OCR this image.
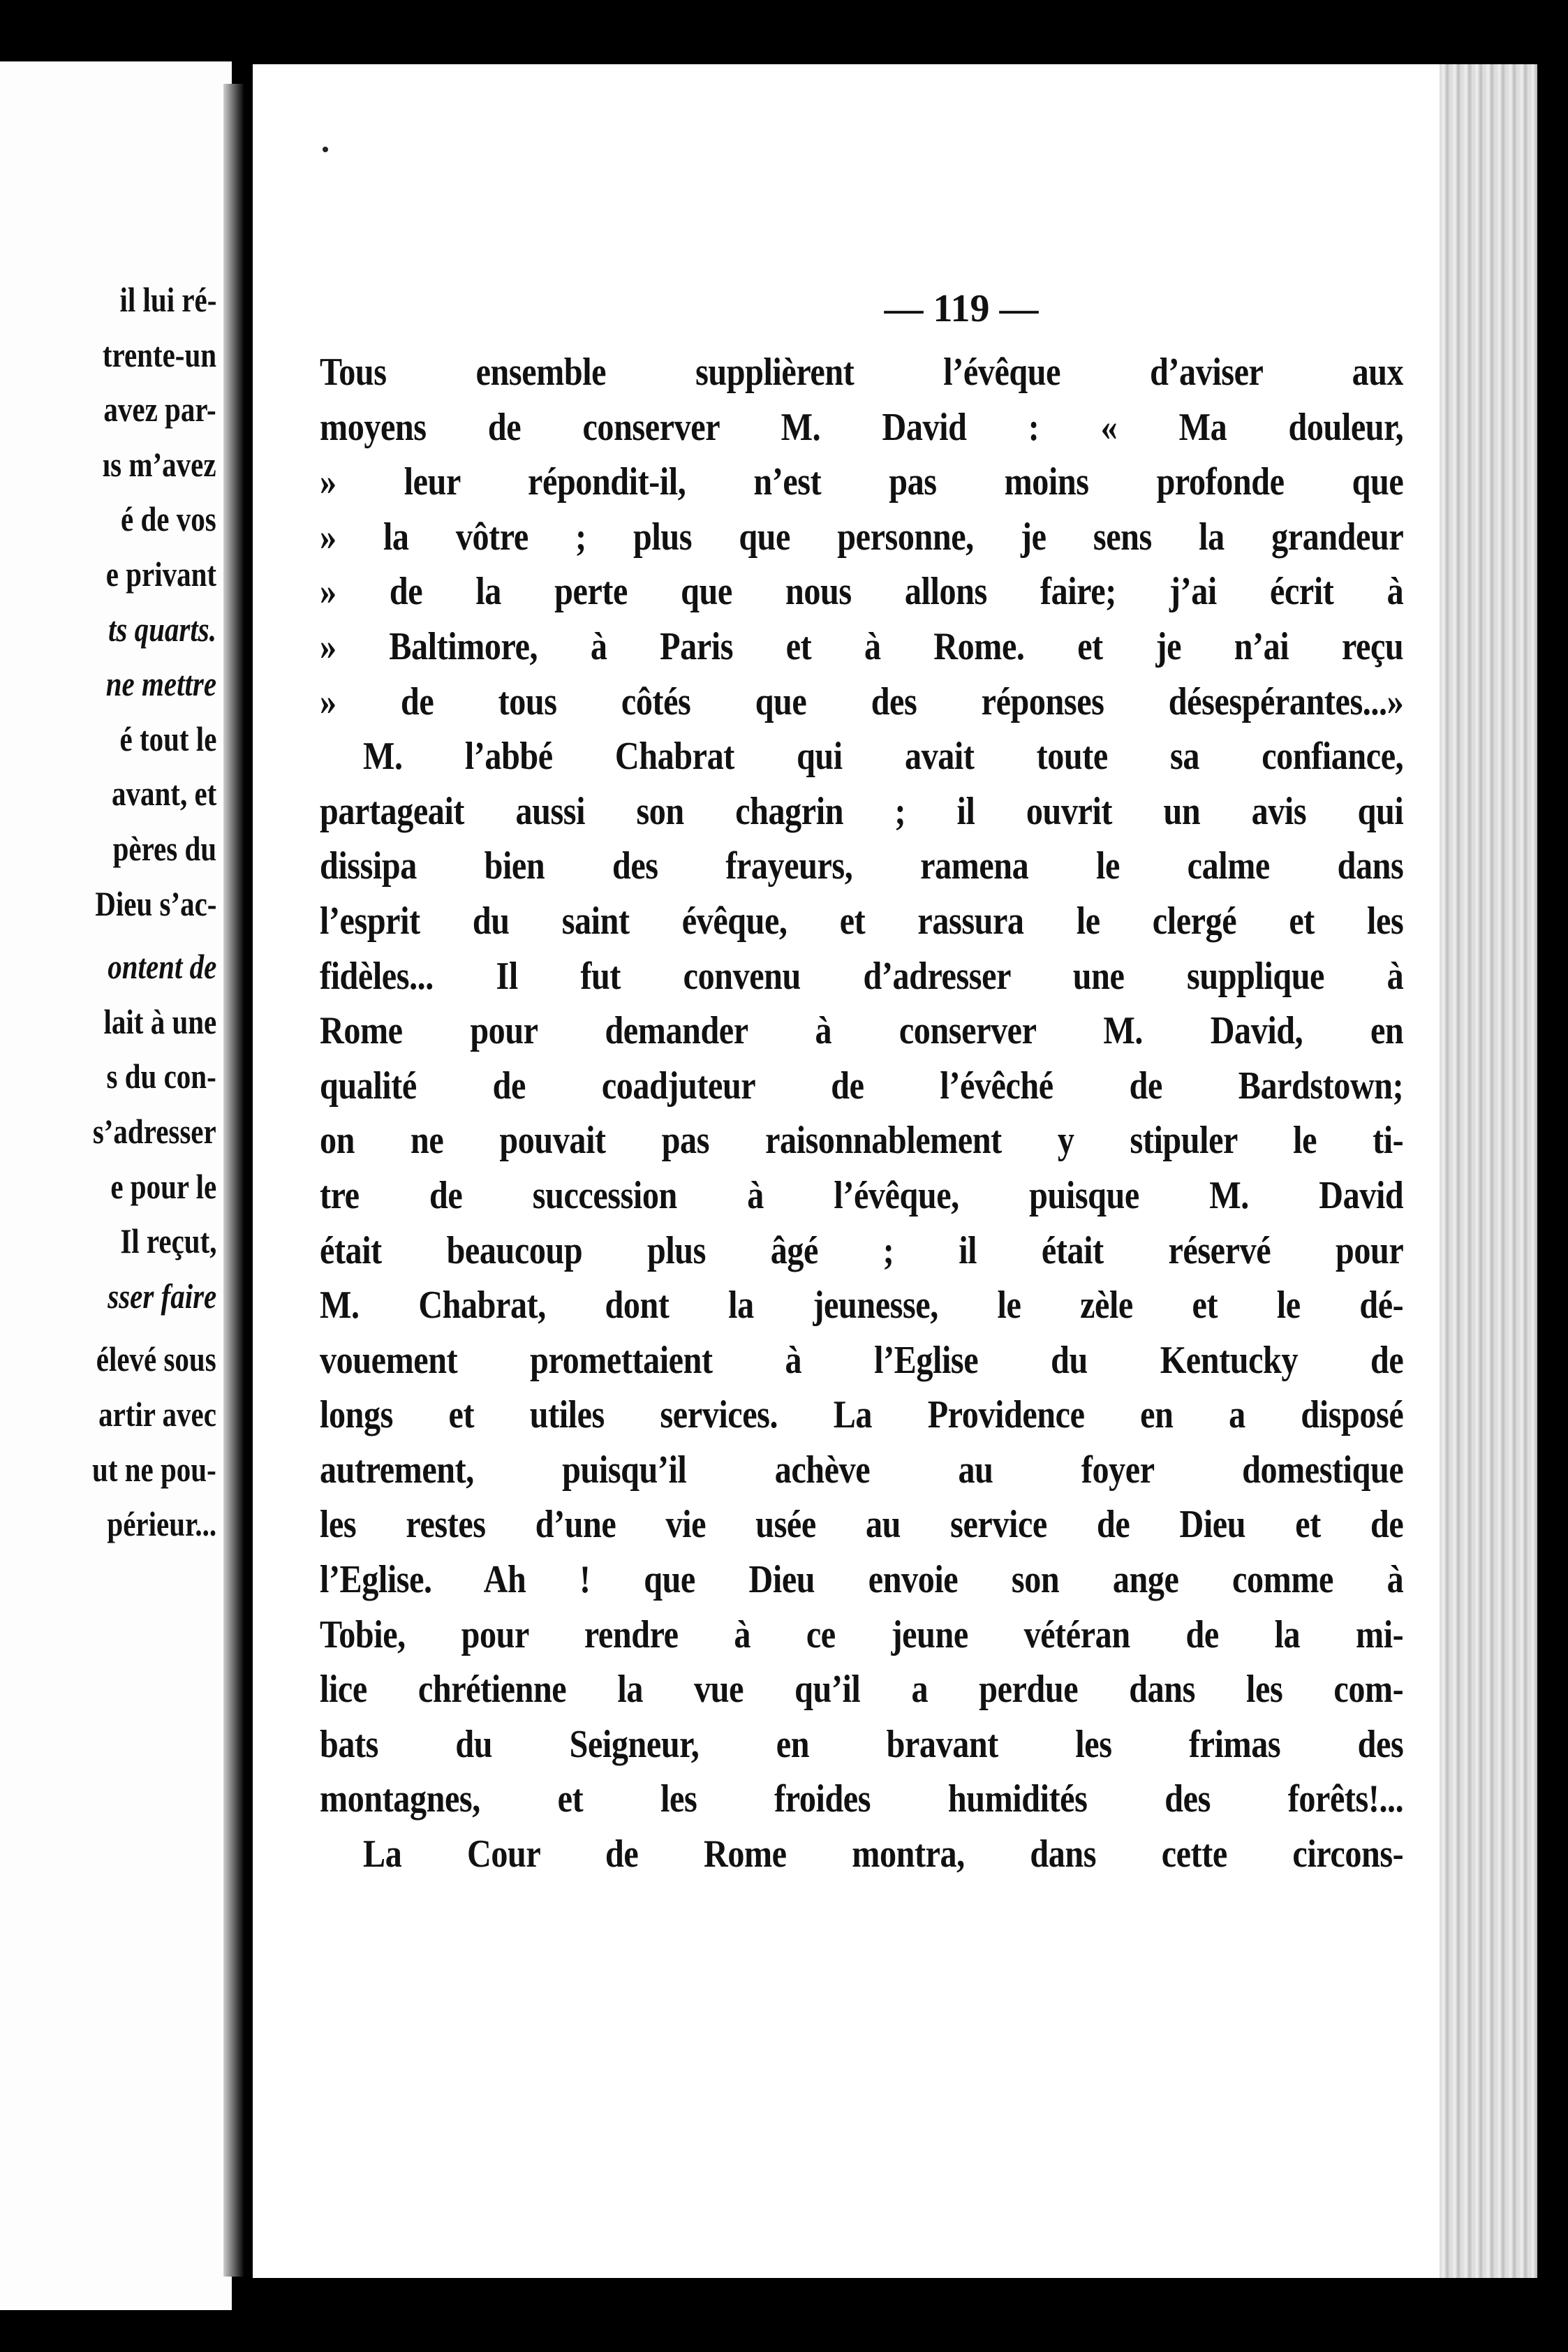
il lui ré-
trente-un
avez par-
ıs m’avez
é de vos
e privant
ts quarts.
ne mettre
é tout le
avant, et
pères du
Dieu s’ac-
ontent de
lait à une
s du con-
s’adresser
e pour le
Il reçut,
sser faire
élevé sous
artir avec
ut ne pou-
périeur...
— 119 —
Tous ensemble supplièrent l’évêque d’aviser aux
moyens de conserver M. David : « Ma douleur,
» leur répondit-il, n’est pas moins profonde que
» la vôtre ; plus que personne, je sens la grandeur
» de la perte que nous allons faire; j’ai écrit à
» Baltimore, à Paris et à Rome. et je n’ai reçu
» de tous côtés que des réponses désespérantes...»
M. l’abbé Chabrat qui avait toute sa confiance,
partageait aussi son chagrin ; il ouvrit un avis qui
dissipa bien des frayeurs, ramena le calme dans
l’esprit du saint évêque, et rassura le clergé et les
fidèles... Il fut convenu d’adresser une supplique à
Rome pour demander à conserver M. David, en
qualité de coadjuteur de l’évêché de Bardstown;
on ne pouvait pas raisonnablement y stipuler le ti-
tre de succession à l’évêque, puisque M. David
était beaucoup plus âgé ; il était réservé pour
M. Chabrat, dont la jeunesse, le zèle et le dé-
vouement promettaient à l’Eglise du Kentucky de
longs et utiles services. La Providence en a disposé
autrement, puisqu’il achève au foyer domestique
les restes d’une vie usée au service de Dieu et de
l’Eglise. Ah ! que Dieu envoie son ange comme à
Tobie, pour rendre à ce jeune vétéran de la mi-
lice chrétienne la vue qu’il a perdue dans les com-
bats du Seigneur, en bravant les frimas des
montagnes, et les froides humidités des forêts!...
La Cour de Rome montra, dans cette circons-
